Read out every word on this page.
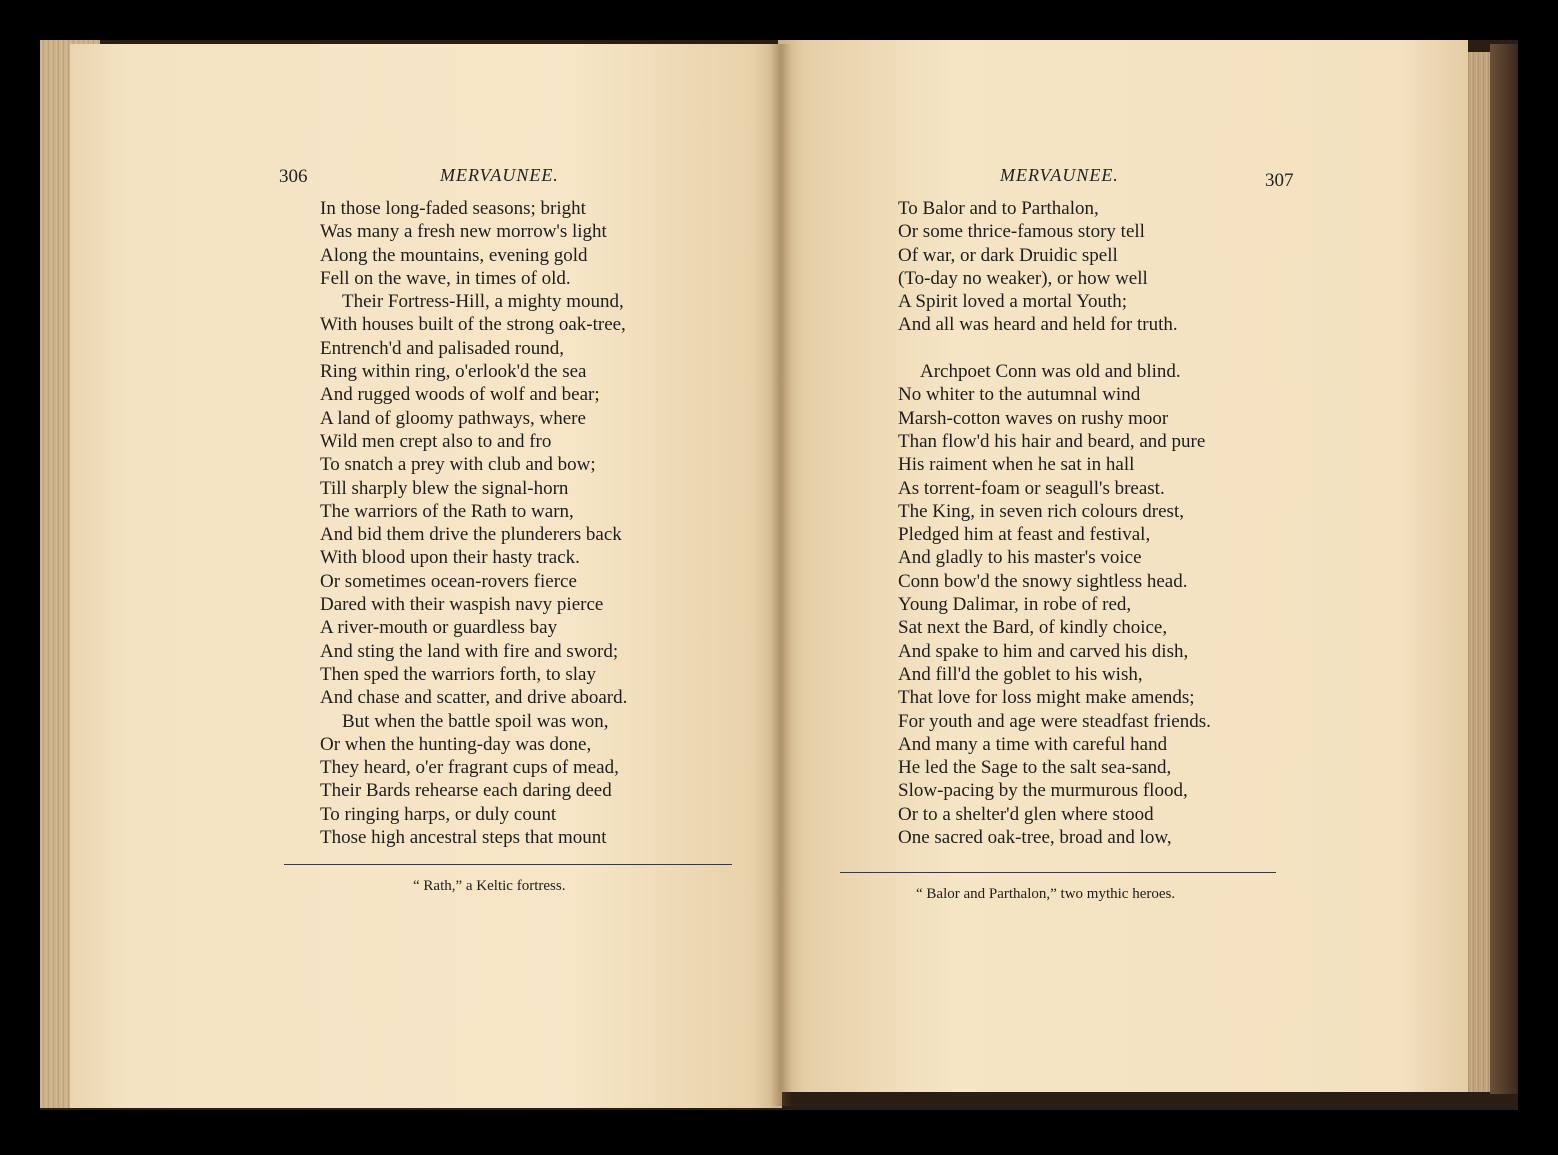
306	MERVAUNEE.

In those long-faded seasons; bright
Was many a fresh new morrow's light
Along the mountains, evening gold
Fell on the wave, in times of old.
Their Fortress-Hill, a mighty mound,
With houses built of the strong oak-tree,
Entrench'd and palisaded round,
Ring within ring, o'erlook'd the sea
And rugged woods of wolf and bear;
A land of gloomy pathways, where
Wild men crept also to and fro
To snatch a prey with club and bow;
Till sharply blew the signal-horn
The warriors of the Rath to warn,
And bid them drive the plunderers back
With blood upon their hasty track.
Or sometimes ocean-rovers fierce
Dared with their waspish navy pierce
A river-mouth or guardless bay
And sting the land with fire and sword;
Then sped the warriors forth, to slay
And chase and scatter, and drive aboard.
But when the battle spoil was won,
Or when the hunting-day was done,
They heard, o'er fragrant cups of mead,
Their Bards rehearse each daring deed
To ringing harps, or duly count
Those high ancestral steps that mount

“ Rath,” a Keltic fortress.

MERVAUNEE.	307

To Balor and to Parthalon,
Or some thrice-famous story tell
Of war, or dark Druidic spell
(To-day no weaker), or how well
A Spirit loved a mortal Youth;
And all was heard and held for truth.
Archpoet Conn was old and blind.
No whiter to the autumnal wind
Marsh-cotton waves on rushy moor
Than flow'd his hair and beard, and pure
His raiment when he sat in hall
As torrent-foam or seagull's breast.
The King, in seven rich colours drest,
Pledged him at feast and festival,
And gladly to his master's voice
Conn bow'd the snowy sightless head.
Young Dalimar, in robe of red,
Sat next the Bard, of kindly choice,
And spake to him and carved his dish,
And fill'd the goblet to his wish,
That love for loss might make amends;
For youth and age were steadfast friends.
And many a time with careful hand
He led the Sage to the salt sea-sand,
Slow-pacing by the murmurous flood,
Or to a shelter'd glen where stood
One sacred oak-tree, broad and low,

“ Balor and Parthalon,” two mythic heroes.
